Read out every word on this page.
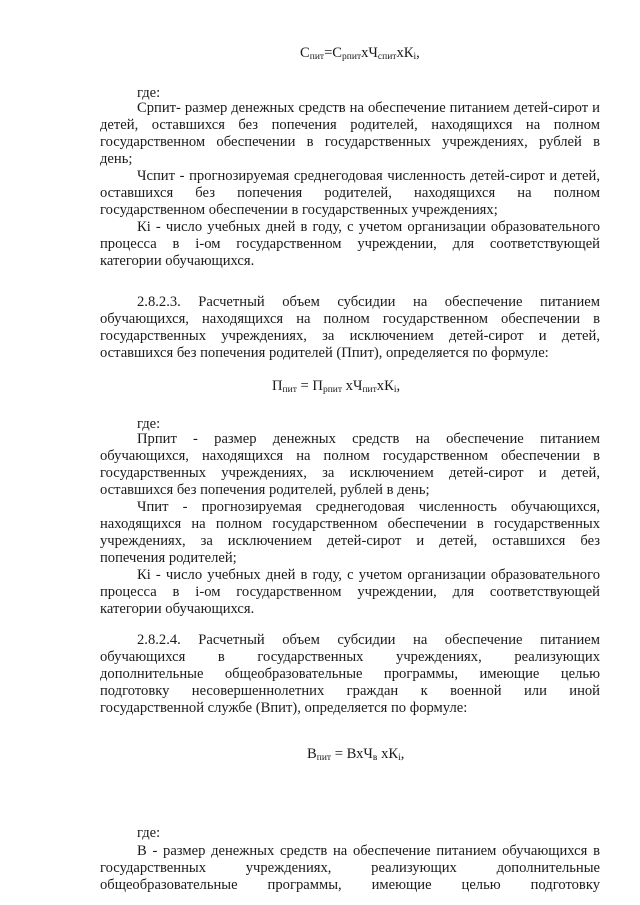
$С_{пит}=С_{рпит}хЧ_{спит}хК_i$,
где:
Српит- размер денежных средств на обеспечение питанием детей-сирот и
детей, оставшихся без попечения родителей, находящихся на полном
государственном обеспечении в государственных учреждениях, рублей в
день;
Чспит - прогнозируемая среднегодовая численность детей-сирот и детей,
оставшихся без попечения родителей, находящихся на полном
государственном обеспечении в государственных учреждениях;
Кi - число учебных дней в году, с учетом организации образовательного
процесса в i-ом государственном учреждении, для соответствующей
категории обучающихся.
2.8.2.3. Расчетный объем субсидии на обеспечение питанием
обучающихся, находящихся на полном государственном обеспечении в
государственных учреждениях, за исключением детей-сирот и детей,
оставшихся без попечения родителей (Ппит), определяется по формуле:
$П_{пит} = П_{рпит}$ $хЧ_{пит}хК_i$,
где:
Прпит - размер денежных средств на обеспечение питанием
обучающихся, находящихся на полном государственном обеспечении в
государственных учреждениях, за исключением детей-сирот и детей,
оставшихся без попечения родителей, рублей в день;
Чпит - прогнозируемая среднегодовая численность обучающихся,
находящихся на полном государственном обеспечении в государственных
учреждениях, за исключением детей-сирот и детей, оставшихся без
попечения родителей;
Кi - число учебных дней в году, с учетом организации образовательного
процесса в i-ом государственном учреждении, для соответствующей
категории обучающихся.
2.8.2.4. Расчетный объем субсидии на обеспечение питанием
обучающихся в государственных учреждениях, реализующих
дополнительные общеобразовательные программы, имеющие целью
подготовку несовершеннолетних граждан к военной или иной
государственной службе (Впит), определяется по формуле:
$В_{пит} = ВхЧ_в$ $хК_i$,
где:
В - размер денежных средств на обеспечение питанием обучающихся в
государственных учреждениях, реализующих дополнительные
общеобразовательные программы, имеющие целью подготовку
